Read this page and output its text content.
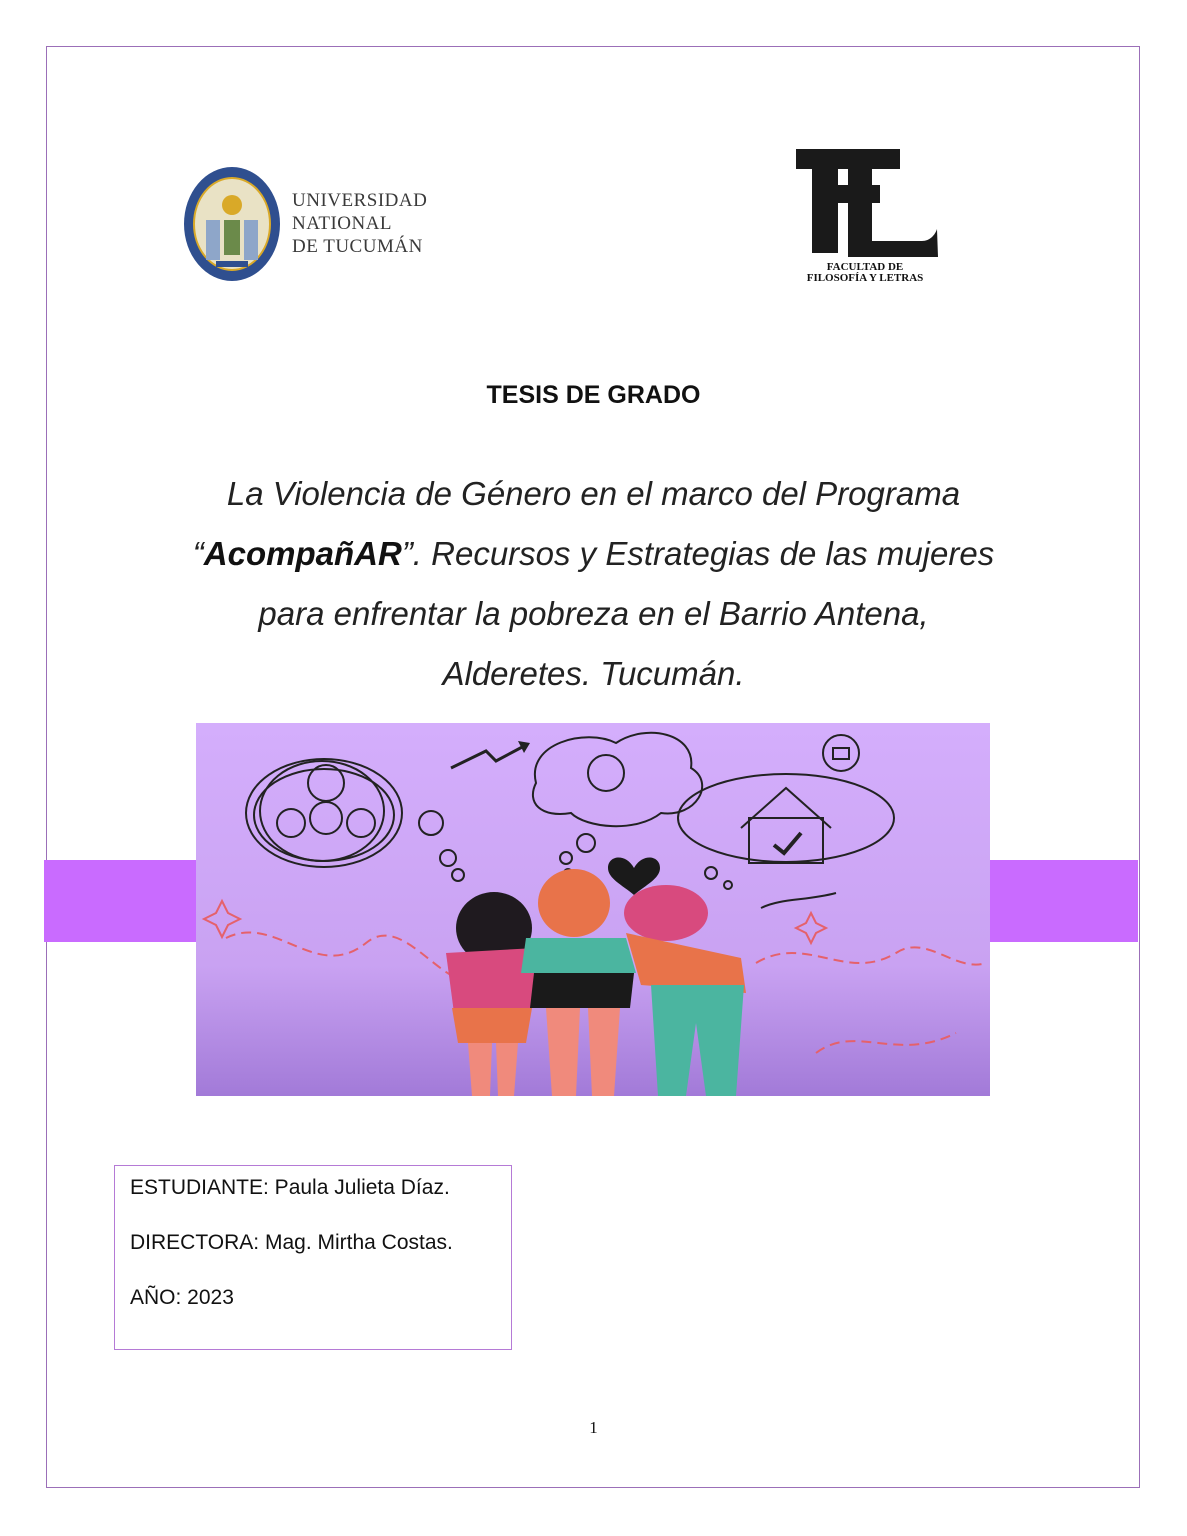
UNIVERSIDAD
NATIONAL
DE TUCUMÁN
FACULTAD DE
FILOSOFÍA Y LETRAS
TESIS DE GRADO
La Violencia de Género en el marco del Programa
“AcompañAR”. Recursos y Estrategias de las mujeres
para enfrentar la pobreza en el Barrio Antena,
Alderetes. Tucumán.

ESTUDIANTE: Paula Julieta Díaz.

DIRECTORA: Mag. Mirtha Costas.

AÑO: 2023

1
